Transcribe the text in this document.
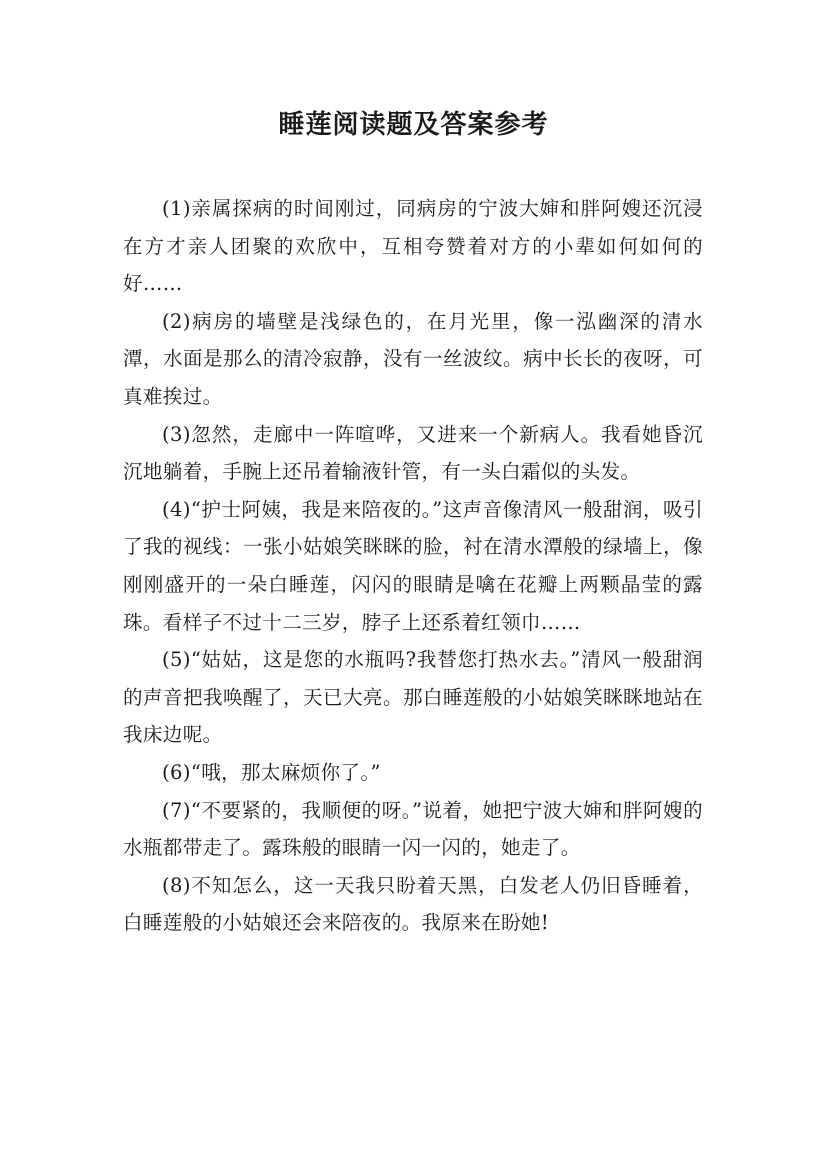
睡莲阅读题及答案参考

(1)亲属探病的时间刚过，同病房的宁波大婶和胖阿嫂还沉浸在方才亲人团聚的欢欣中，互相夸赞着对方的小辈如何如何的好……

(2)病房的墙壁是浅绿色的，在月光里，像一泓幽深的清水潭，水面是那么的清冷寂静，没有一丝波纹。病中长长的夜呀，可真难挨过。

(3)忽然，走廊中一阵喧哗，又进来一个新病人。我看她昏沉沉地躺着，手腕上还吊着输液针管，有一头白霜似的头发。

(4)“护士阿姨，我是来陪夜的。”这声音像清风一般甜润，吸引了我的视线：一张小姑娘笑眯眯的脸，衬在清水潭般的绿墙上，像刚刚盛开的一朵白睡莲，闪闪的眼睛是噙在花瓣上两颗晶莹的露珠。看样子不过十二三岁，脖子上还系着红领巾……

(5)“姑姑，这是您的水瓶吗?我替您打热水去。”清风一般甜润的声音把我唤醒了，天已大亮。那白睡莲般的小姑娘笑眯眯地站在我床边呢。

(6)“哦，那太麻烦你了。”

(7)“不要紧的，我顺便的呀。”说着，她把宁波大婶和胖阿嫂的水瓶都带走了。露珠般的眼睛一闪一闪的，她走了。

(8)不知怎么，这一天我只盼着天黑，白发老人仍旧昏睡着，白睡莲般的小姑娘还会来陪夜的。我原来在盼她!
